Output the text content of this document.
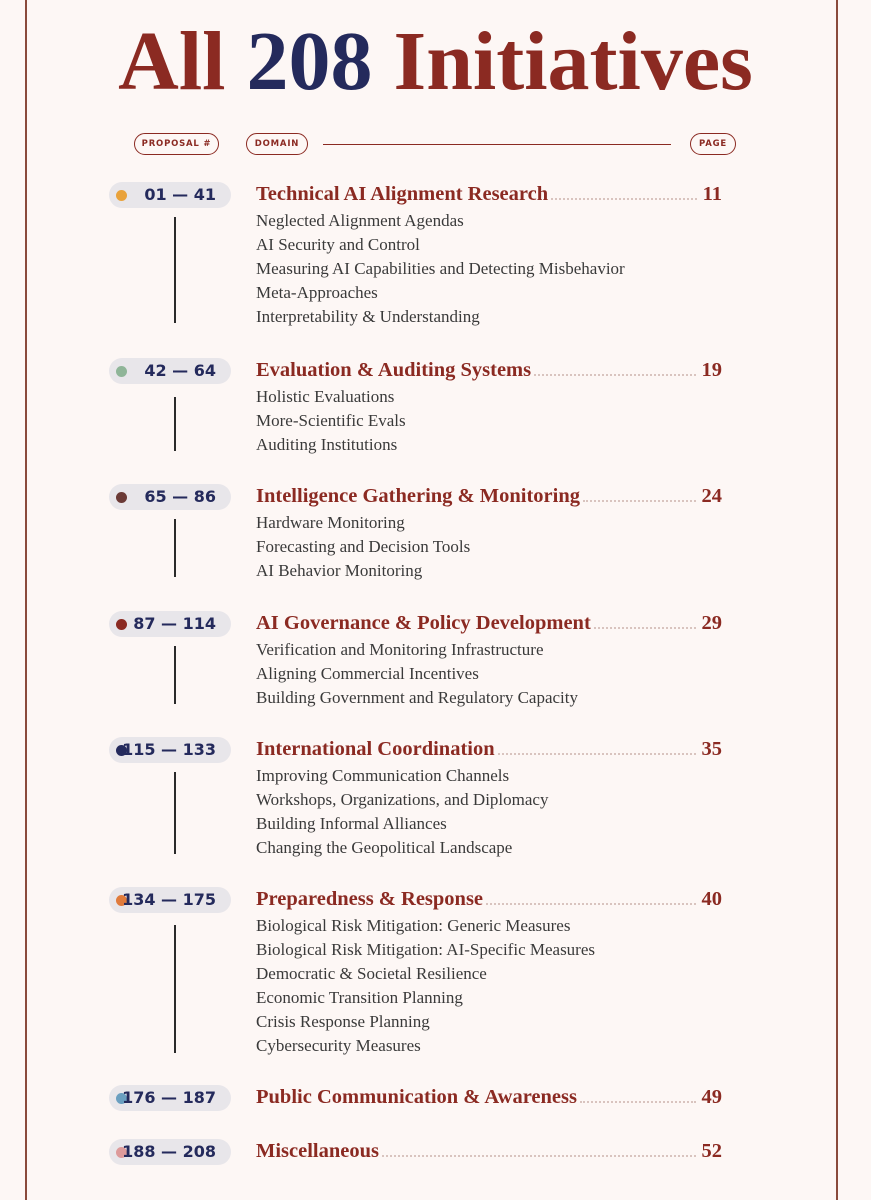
All 208 Initiatives
PROPOSAL #	DOMAIN	PAGE
01 — 41 Technical AI Alignment Research	11
Neglected Alignment Agendas
AI Security and Control
Measuring AI Capabilities and Detecting Misbehavior
Meta-Approaches
Interpretability & Understanding
42 — 64 Evaluation & Auditing Systems	19
Holistic Evaluations
More-Scientific Evals
Auditing Institutions
65 — 86 Intelligence Gathering & Monitoring	24
Hardware Monitoring
Forecasting and Decision Tools
AI Behavior Monitoring
87 — 114 AI Governance & Policy Development	29
Verification and Monitoring Infrastructure
Aligning Commercial Incentives
Building Government and Regulatory Capacity
115 — 133 International Coordination	35
Improving Communication Channels
Workshops, Organizations, and Diplomacy
Building Informal Alliances
Changing the Geopolitical Landscape
134 — 175 Preparedness & Response	40
Biological Risk Mitigation: Generic Measures
Biological Risk Mitigation: AI-Specific Measures
Democratic & Societal Resilience
Economic Transition Planning
Crisis Response Planning
Cybersecurity Measures
176 — 187 Public Communication & Awareness	49
188 — 208 Miscellaneous	52
